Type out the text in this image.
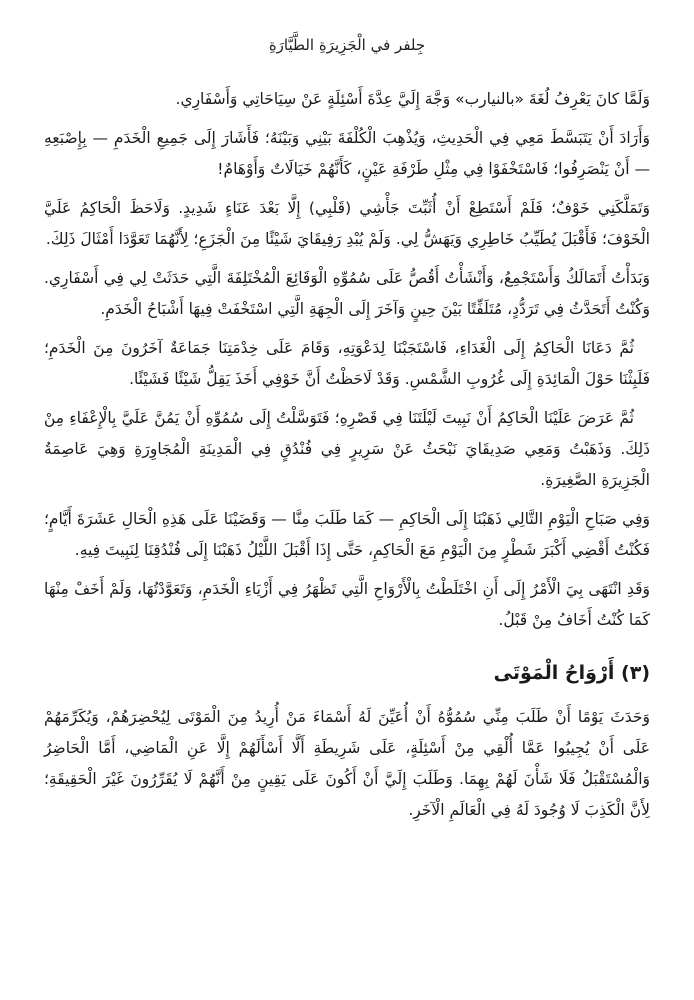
جِلفر في الْجَزِيرَةِ الطَّيَّارَةِ

وَلَمَّا كانَ يَعْرِفُ لُغَةَ «بالنيارب» وَجَّهَ إِلَيَّ عِدَّةَ أَسْئِلَةٍ عَنْ سِيَاحَاتِي وَأَسْفَارِي.

وَأَرَادَ أَنْ يَتَبَسَّطَ مَعِي فِي الْحَدِيثِ، وَيُذْهِبَ الْكُلْفَةَ بَيْنِي وَبَيْنَهُ؛ فَأَشَارَ إِلَى جَمِيعِ الْخَدَمِ — بِإِصْبَعِهِ — أَنْ يَنْصَرِفُوا؛ فَاسْتَخْفَوْا فِي مِثْلِ طَرْفَةِ عَيْنٍ، كَأَنَّهُمْ خَيَالَاتٌ وَأَوْهَامٌ!

وَتَمَلَّكَنِي خَوْفٌ؛ فَلَمْ أَسْتَطِعْ أَنْ أُثَبِّتَ جَأْشِي (قَلْبِي) إِلَّا بَعْدَ عَنَاءٍ شَدِيدٍ. وَلَاحَظَ الْحَاكِمُ عَلَيَّ الْخَوْفَ؛ فَأَقْبَلَ يُطَيِّبُ خَاطِرِي وَيَهَشُّ لِي. وَلَمْ يُبْدِ رَفِيقَايَ شَيْئًا مِنَ الْجَزَعِ؛ لِأَنَّهُمَا تَعَوَّدَا أَمْثَالَ ذَلِكَ.

وَبَدَأْتُ أَتَمَالَكُ وَأَسْتَجْمِعُ، وَأَنْشَأْتُ أَقُصُّ عَلَى سُمُوِّهِ الْوَقَائِعَ الْمُخْتَلِفَةَ الَّتِي حَدَثَتْ لِي فِي أَسْفَارِي. وَكُنْتُ أَتَحَدَّثُ فِي تَرَدُّدٍ، مُتَلَفِّتًا بَيْنَ حِينٍ وَآخَرَ إِلَى الْجِهَةِ الَّتِي اسْتَخْفَتْ فِيهَا أَشْبَاحُ الْخَدَمِ.

ثُمَّ دَعَانَا الْحَاكِمُ إِلَى الْغَدَاءِ، فَاسْتَجَبْنَا لِدَعْوَتِهِ، وَقَامَ عَلَى خِدْمَتِنَا جَمَاعَةٌ آخَرُونَ مِنَ الْخَدَمِ؛ فَلَبِثْنَا حَوْلَ الْمَائِدَةِ إِلَى غُرُوبِ الشَّمْسِ. وَقَدْ لَاحَظْتُ أَنَّ خَوْفِي أَخَذَ يَقِلُّ شَيْئًا فَشَيْئًا.

ثُمَّ عَرَضَ عَلَيْنَا الْحَاكِمُ أَنْ نَبِيتَ لَيْلَتَنَا فِي قَصْرِهِ؛ فَتَوَسَّلْتُ إِلَى سُمُوِّهِ أَنْ يَمُنَّ عَلَيَّ بِالْإِعْفَاءِ مِنْ ذَلِكَ. وَذَهَبْتُ وَمَعِي صَدِيقَايَ نَبْحَثُ عَنْ سَرِيرٍ فِي فُنْدُقٍ فِي الْمَدِينَةِ الْمُجَاوِرَةِ وَهِيَ عَاصِمَةُ الْجَزِيرَةِ الصَّغِيرَةِ.

وَفِي صَبَاحِ الْيَوْمِ التَّالِي ذَهَبْنَا إِلَى الْحَاكِمِ — كَمَا طَلَبَ مِنَّا — وَقَضَيْنَا عَلَى هَذِهِ الْحَالِ عَشَرَةَ أَيَّامٍ؛ فَكُنْتُ أَقْضِي أَكْبَرَ شَطْرٍ مِنَ الْيَوْمِ مَعَ الْحَاكِمِ، حَتَّى إِذَا أَقْبَلَ اللَّيْلُ ذَهَبْنَا إِلَى فُنْدُقِنَا لِنَبِيتَ فِيهِ.

وَقَدِ انْتَهَى بِيَ الْأَمْرُ إِلَى أَنِ اخْتَلَطْتُ بِالْأَرْوَاحِ الَّتِي تَظْهَرُ فِي أَزْيَاءِ الْخَدَمِ، وَتَعَوَّدْتُهَا، وَلَمْ أَخَفْ مِنْهَا كَمَا كُنْتُ أَخَافُ مِنْ قَبْلُ.

(٣) أَرْوَاحُ الْمَوْتَى

وَحَدَثَ يَوْمًا أَنْ طَلَبَ مِنِّي سُمُوُّهُ أَنْ أُعَيِّنَ لَهُ أَسْمَاءَ مَنْ أُرِيدُ مِنَ الْمَوْتَى لِيُحْضِرَهُمْ، وَيُكَرِّمَهُمْ عَلَى أَنْ يُجِيبُوا عَمَّا أُلْقِي مِنْ أَسْئِلَةٍ، عَلَى شَرِيطَةِ أَلَّا أَسْأَلَهُمْ إِلَّا عَنِ الْمَاضِي، أَمَّا الْحَاضِرُ وَالْمُسْتَقْبَلُ فَلَا شَأْنَ لَهُمْ بِهِمَا. وَطَلَبَ إِلَيَّ أَنْ أَكُونَ عَلَى يَقِينٍ مِنْ أَنَّهُمْ لَا يُقَرِّرُونَ غَيْرَ الْحَقِيقَةِ؛ لِأَنَّ الْكَذِبَ لَا وُجُودَ لَهُ فِي الْعَالَمِ الْآخَرِ.
